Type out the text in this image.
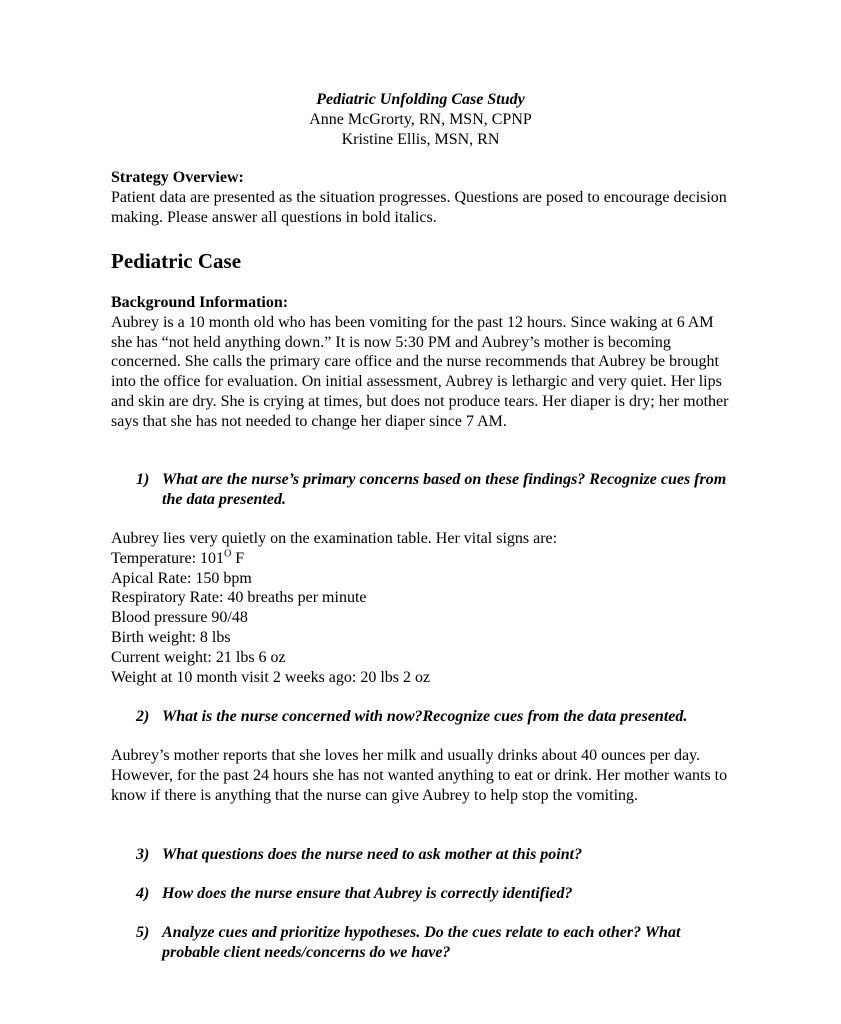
Pediatric Unfolding Case Study
Anne McGrorty, RN, MSN, CPNP
Kristine Ellis, MSN, RN
Strategy Overview:

Patient data are presented as the situation progresses. Questions are posed to encourage decision making. Please answer all questions in bold italics.

Pediatric Case
Background Information:

Aubrey is a 10 month old who has been vomiting for the past 12 hours. Since waking at 6 AM she has “not held anything down.” It is now 5:30 PM and Aubrey’s mother is becoming concerned. She calls the primary care office and the nurse recommends that Aubrey be brought into the office for evaluation. On initial assessment, Aubrey is lethargic and very quiet. Her lips and skin are dry. She is crying at times, but does not produce tears. Her diaper is dry; her mother says that she has not needed to change her diaper since 7 AM.

1) What are the nurse’s primary concerns based on these findings? Recognize cues from the data presented.
Aubrey lies very quietly on the examination table. Her vital signs are:
Temperature: $101^O$ F
Apical Rate: 150 bpm
Respiratory Rate: 40 breaths per minute
Blood pressure 90/48
Birth weight: 8 lbs
Current weight: 21 lbs 6 oz
Weight at 10 month visit 2 weeks ago: 20 lbs 2 oz
2) What is the nurse concerned with now?Recognize cues from the data presented.

Aubrey’s mother reports that she loves her milk and usually drinks about 40 ounces per day. However, for the past 24 hours she has not wanted anything to eat or drink. Her mother wants to know if there is anything that the nurse can give Aubrey to help stop the vomiting.

3) What questions does the nurse need to ask mother at this point?
4) How does the nurse ensure that Aubrey is correctly identified?
5) Analyze cues and prioritize hypotheses. Do the cues relate to each other? What probable client needs/concerns do we have?
